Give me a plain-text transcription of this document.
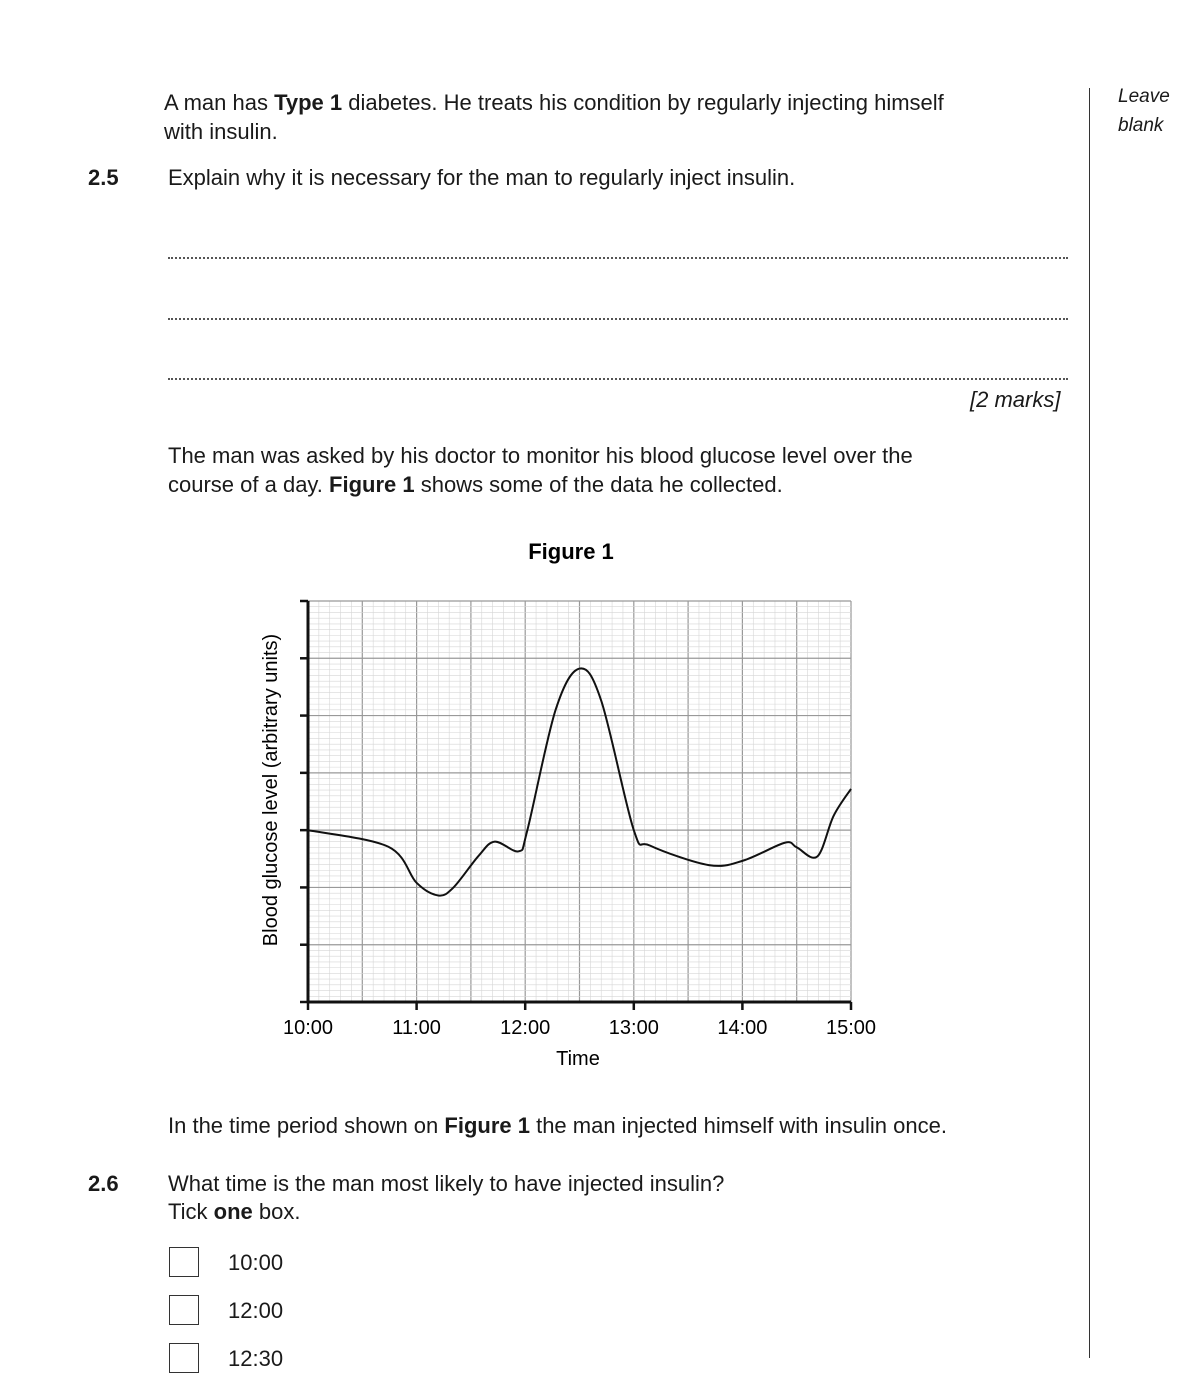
Leave
blank
A man has Type 1 diabetes. He treats his condition by regularly injecting himself
with insulin.
2.5 Explain why it is necessary for the man to regularly inject insulin.
[2 marks]
The man was asked by his doctor to monitor his blood glucose level over the
course of a day. Figure 1 shows some of the data he collected.
Figure 1
10:00	11:00	12:00	13:00	14:00	15:00
Time
Blood glucose level (arbitrary units)
In the time period shown on Figure 1 the man injected himself with insulin once.
2.6 What time is the man most likely to have injected insulin?
Tick one box.
10:00
12:00
12:30
